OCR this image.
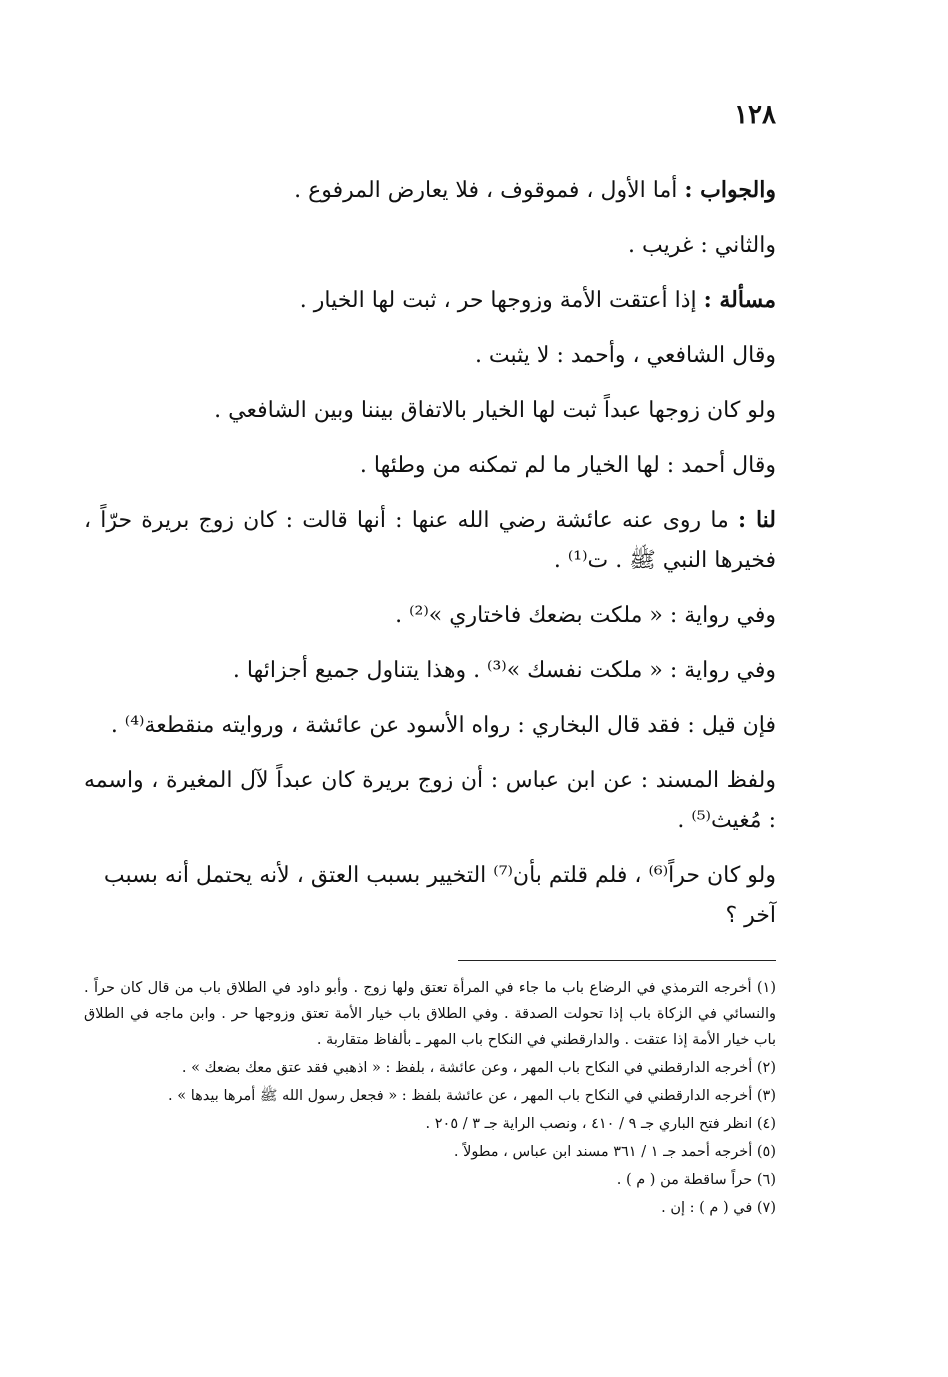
١٢٨

والجواب : أما الأول ، فموقوف ، فلا يعارض المرفوع .

والثاني : غريب .

مسألة : إذا أعتقت الأمة وزوجها حر ، ثبت لها الخيار .

وقال الشافعي ، وأحمد : لا يثبت .

ولو كان زوجها عبداً ثبت لها الخيار بالاتفاق بيننا وبين الشافعي .

وقال أحمد : لها الخيار ما لم تمكنه من وطئها .

لنا : ما روى عنه عائشة رضي الله عنها : أنها قالت : كان زوج بريرة حرّاً ، فخيرها النبي ﷺ . ت⁽¹⁾ .

وفي رواية : « ملكت بضعك فاختاري »⁽²⁾ .

وفي رواية : « ملكت نفسك »⁽³⁾ . وهذا يتناول جميع أجزائها .

فإن قيل : فقد قال البخاري : رواه الأسود عن عائشة ، وروايته منقطعة⁽⁴⁾ .

ولفظ المسند : عن ابن عباس : أن زوج بريرة كان عبداً لآل المغيرة ، واسمه : مُغيث⁽⁵⁾ .

ولو كان حراً⁽⁶⁾ ، فلم قلتم بأن⁽⁷⁾ التخيير بسبب العتق ، لأنه يحتمل أنه بسبب آخر ؟

(١) أخرجه الترمذي في الرضاع باب ما جاء في المرأة تعتق ولها زوج . وأبو داود في الطلاق باب من قال كان حراً . والنسائي في الزكاة باب إذا تحولت الصدقة . وفي الطلاق باب خيار الأمة تعتق وزوجها حر . وابن ماجه في الطلاق باب خيار الأمة إذا عتقت . والدارقطني في النكاح باب المهر ـ بألفاظ متقاربة .

(٢) أخرجه الدارقطني في النكاح باب المهر ، وعن عائشة ، بلفظ : « اذهبي فقد عتق معك بضعك » .

(٣) أخرجه الدارقطني في النكاح باب المهر ، عن عائشة بلفظ : « فجعل رسول الله ﷺ أمرها بيدها » .

(٤) انظر فتح الباري جـ ٩ / ٤١٠ ، ونصب الراية جـ ٣ / ٢٠٥ .

(٥) أخرجه أحمد جـ ١ / ٣٦١ مسند ابن عباس ، مطولاً .

(٦) حراً ساقطة من ( م ) .

(٧) في ( م ) : إن .
